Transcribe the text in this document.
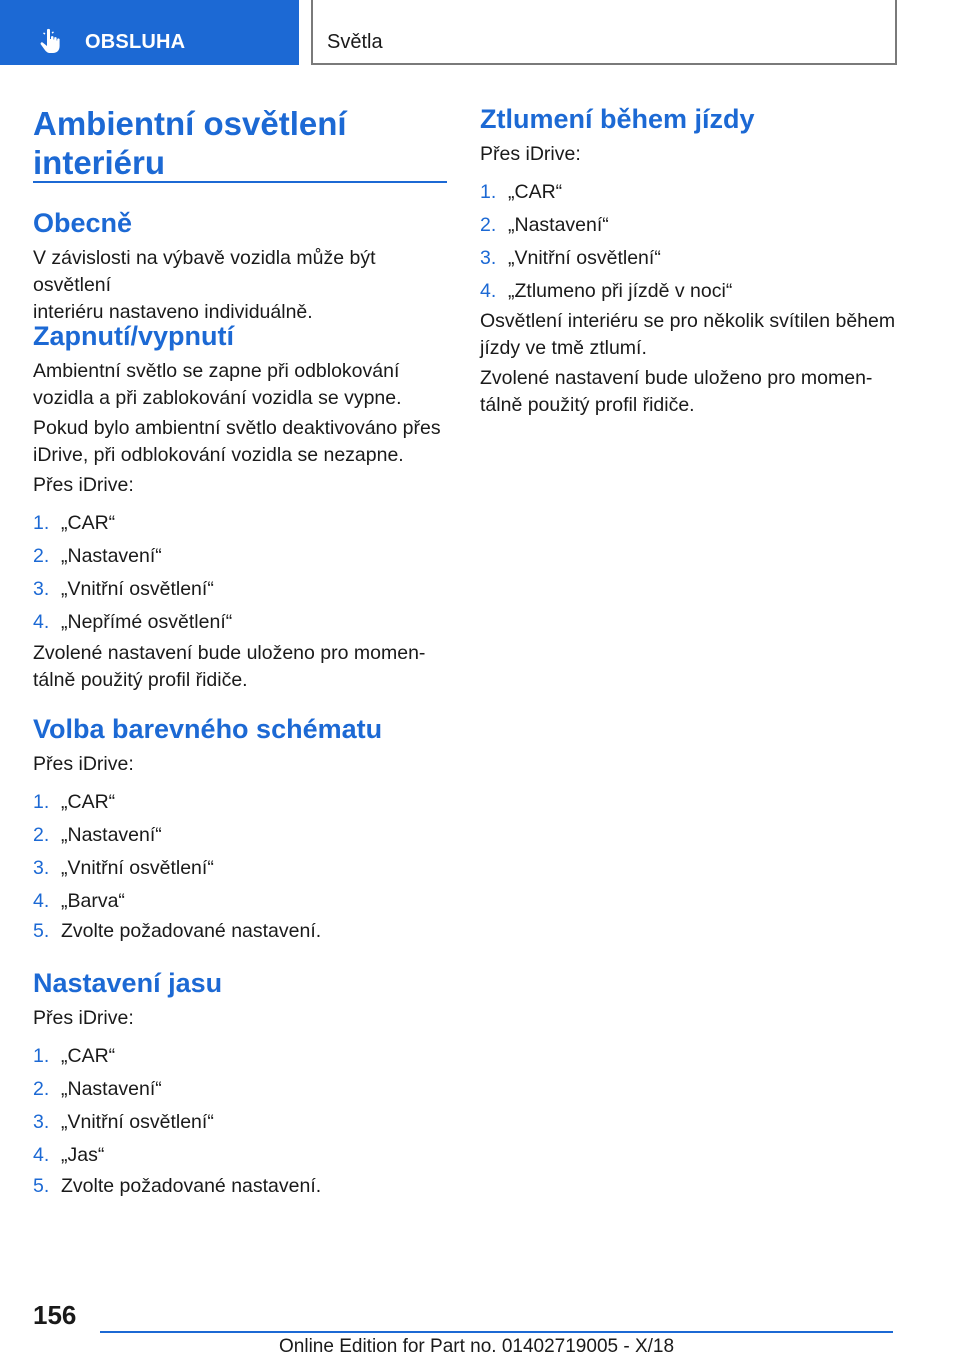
OBSLUHA	Světla
Ambientní osvětlení
interiéru
Obecně

V závislosti na výbavě vozidla může být osvětlení
interiéru nastaveno individuálně.

Zapnutí/vypnutí

Ambientní světlo se zapne při odblokování
vozidla a při zablokování vozidla se vypne.

Pokud bylo ambientní světlo deaktivováno přes
iDrive, při odblokování vozidla se nezapne.

Přes iDrive:

1. „CAR“
2. „Nastavení“
3. „Vnitřní osvětlení“
4. „Nepřímé osvětlení“

Zvolené nastavení bude uloženo pro momen-
tálně použitý profil řidiče.

Volba barevného schématu

Přes iDrive:

1. „CAR“
2. „Nastavení“
3. „Vnitřní osvětlení“
4. „Barva“
5. Zvolte požadované nastavení.
Nastavení jasu

Přes iDrive:

1. „CAR“
2. „Nastavení“
3. „Vnitřní osvětlení“
4. „Jas“
5. Zvolte požadované nastavení.
Ztlumení během jízdy

Přes iDrive:

1. „CAR“
2. „Nastavení“
3. „Vnitřní osvětlení“
4. „Ztlumeno při jízdě v noci“

Osvětlení interiéru se pro několik svítilen během
jízdy ve tmě ztlumí.

Zvolené nastavení bude uloženo pro momen-
tálně použitý profil řidiče.

156
Online Edition for Part no. 01402719005 - X/18
